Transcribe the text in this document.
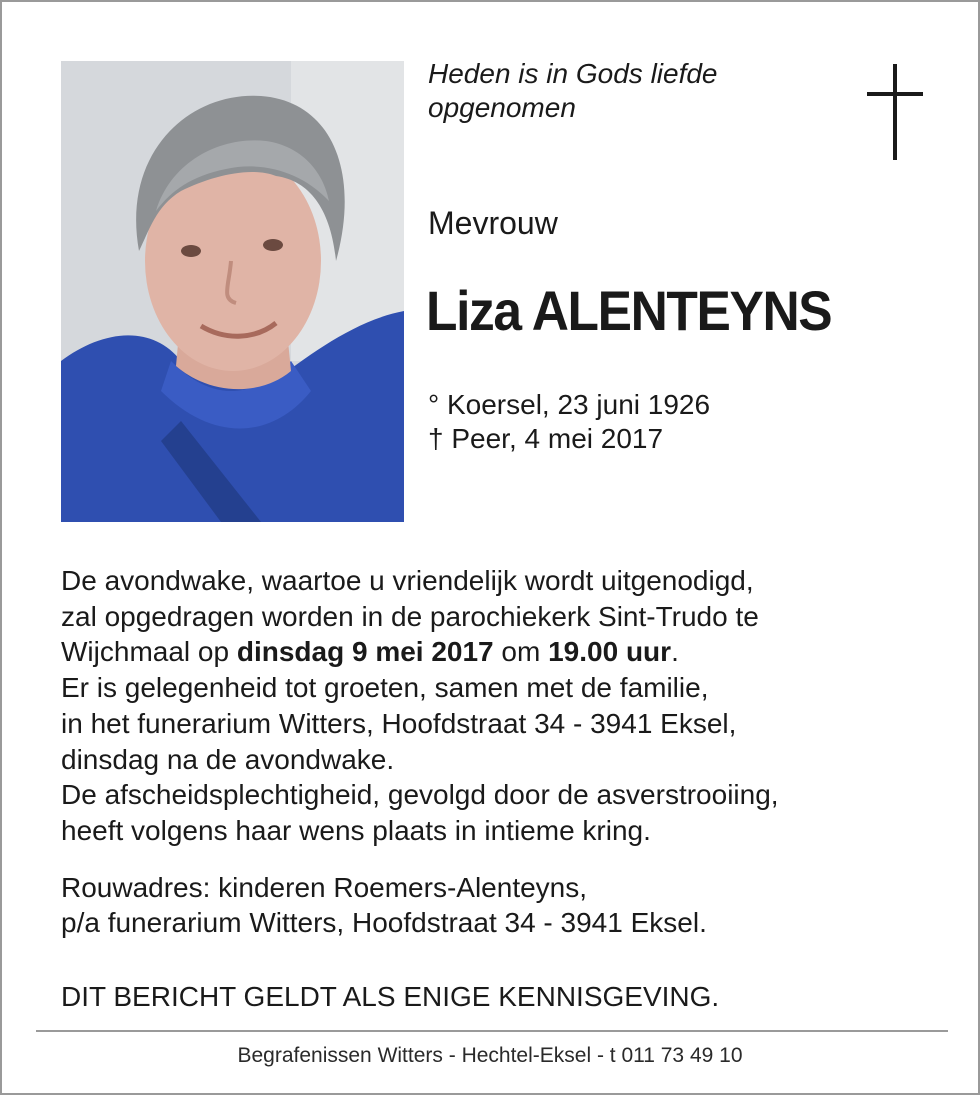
Heden is in Gods liefde
opgenomen
Mevrouw
Liza ALENTEYNS
° Koersel, 23 juni 1926
† Peer, 4 mei 2017

De avondwake, waartoe u vriendelijk wordt uitgenodigd,

zal opgedragen worden in de parochiekerk Sint-Trudo te

Wijchmaal op dinsdag 9 mei 2017 om 19.00 uur.

Er is gelegenheid tot groeten, samen met de familie,

in het funerarium Witters, Hoofdstraat 34 - 3941 Eksel,

dinsdag na de avondwake.

De afscheidsplechtigheid, gevolgd door de asverstrooiing,

heeft volgens haar wens plaats in intieme kring.

Rouwadres: kinderen Roemers-Alenteyns,

p/a funerarium Witters, Hoofdstraat 34 - 3941 Eksel.

DIT BERICHT GELDT ALS ENIGE KENNISGEVING.
Begrafenissen Witters - Hechtel-Eksel - t 011 73 49 10
